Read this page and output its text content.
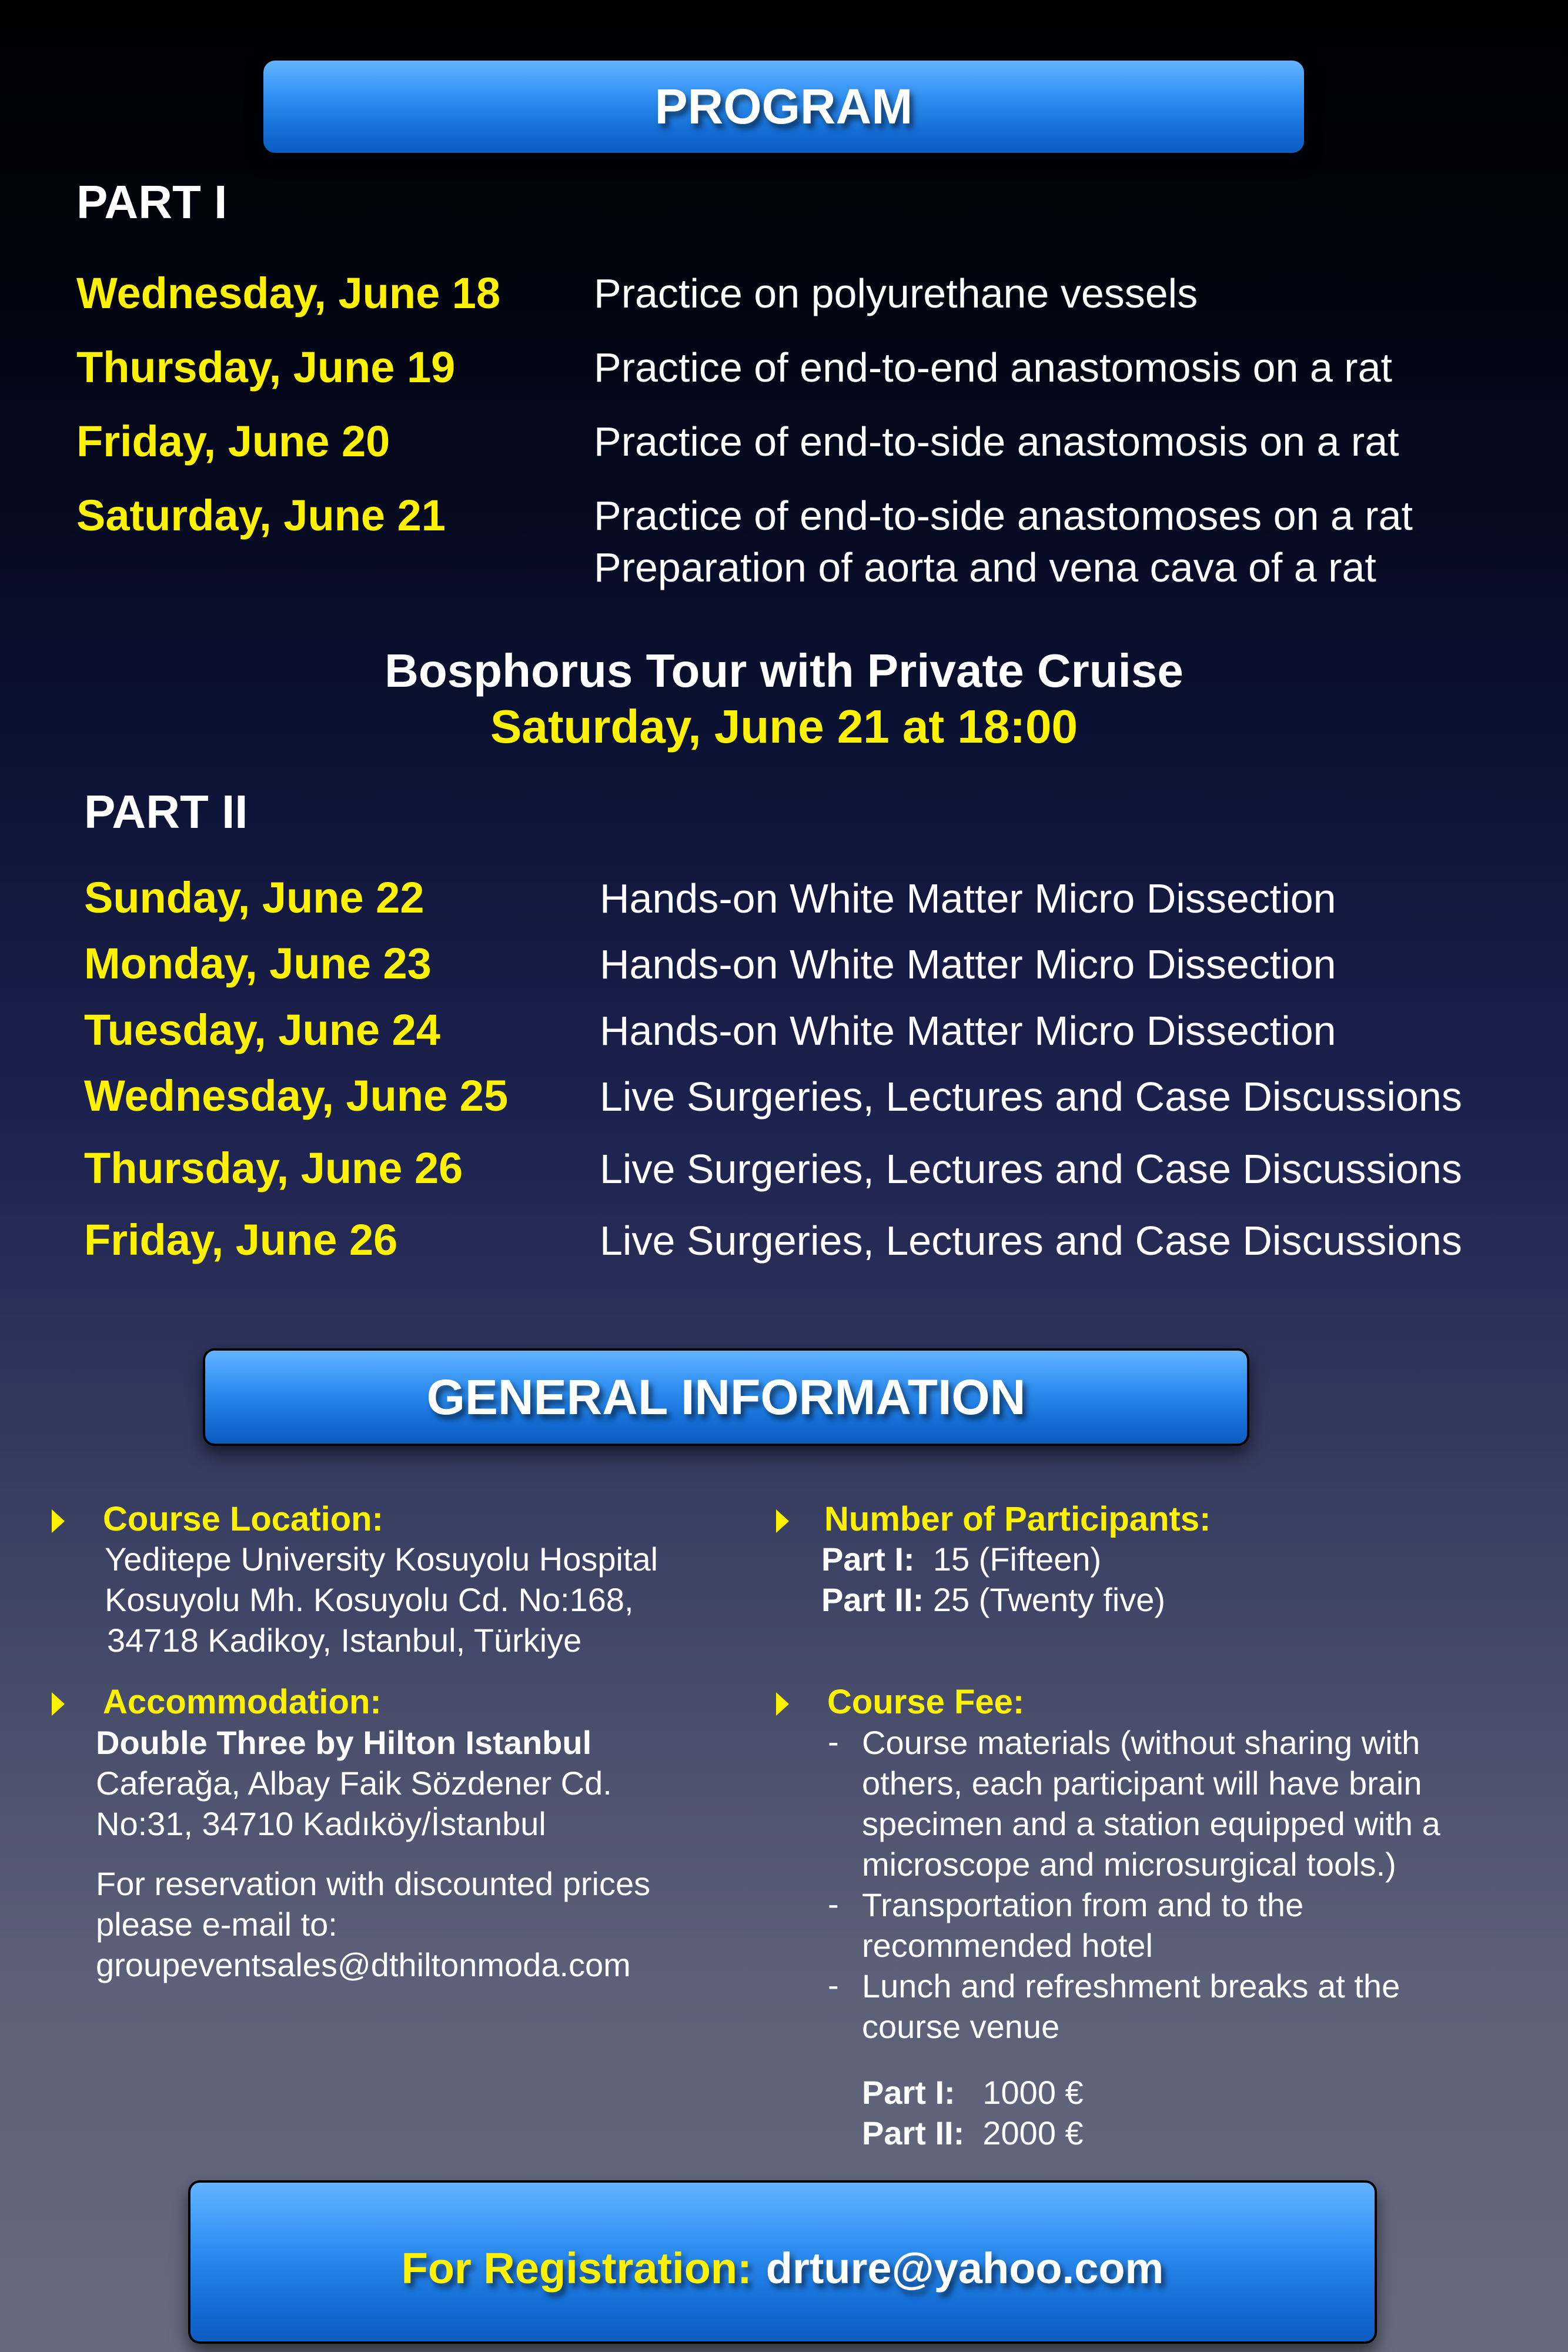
PROGRAM
PART I
Wednesday, June 18 Practice on polyurethane vessels
Thursday, June 19	Practice of end-to-end anastomosis on a rat
Friday, June 20	Practice of end-to-side anastomosis on a rat
Saturday, June 21	Practice of end-to-side anastomoses on a rat
Preparation of aorta and vena cava of a rat
Bosphorus Tour with Private Cruise
Saturday, June 21 at 18:00
PART II
Sunday, June 22	Hands-on White Matter Micro Dissection
Monday, June 23	Hands-on White Matter Micro Dissection
Tuesday, June 24	Hands-on White Matter Micro Dissection
Wednesday, June 25 Live Surgeries, Lectures and Case Discussions
Thursday, June 26	Live Surgeries, Lectures and Case Discussions
Friday, June 26	Live Surgeries, Lectures and Case Discussions
GENERAL INFORMATION
Course Location:
Yeditepe University Kosuyolu Hospital
Kosuyolu Mh. Kosuyolu Cd. No:168,
34718 Kadikoy, Istanbul, Türkiye
Accommodation:
Double Three by Hilton Istanbul
Caferağa, Albay Faik Sözdener Cd.
No:31, 34710 Kadıköy/İstanbul
For reservation with discounted prices
please e-mail to:
groupeventsales@dthiltonmoda.com
Number of Participants:
Part I: 15 (Fifteen)
Part II: 25 (Twenty five)
Course Fee:
- Course materials (without sharing with
others, each participant will have brain
specimen and a station equipped with a
microscope and microsurgical tools.)
- Transportation from and to the
recommended hotel
- Lunch and refreshment breaks at the
course venue
Part I: 1000 €
Part II: 2000 €
For Registration: drture@yahoo.com
